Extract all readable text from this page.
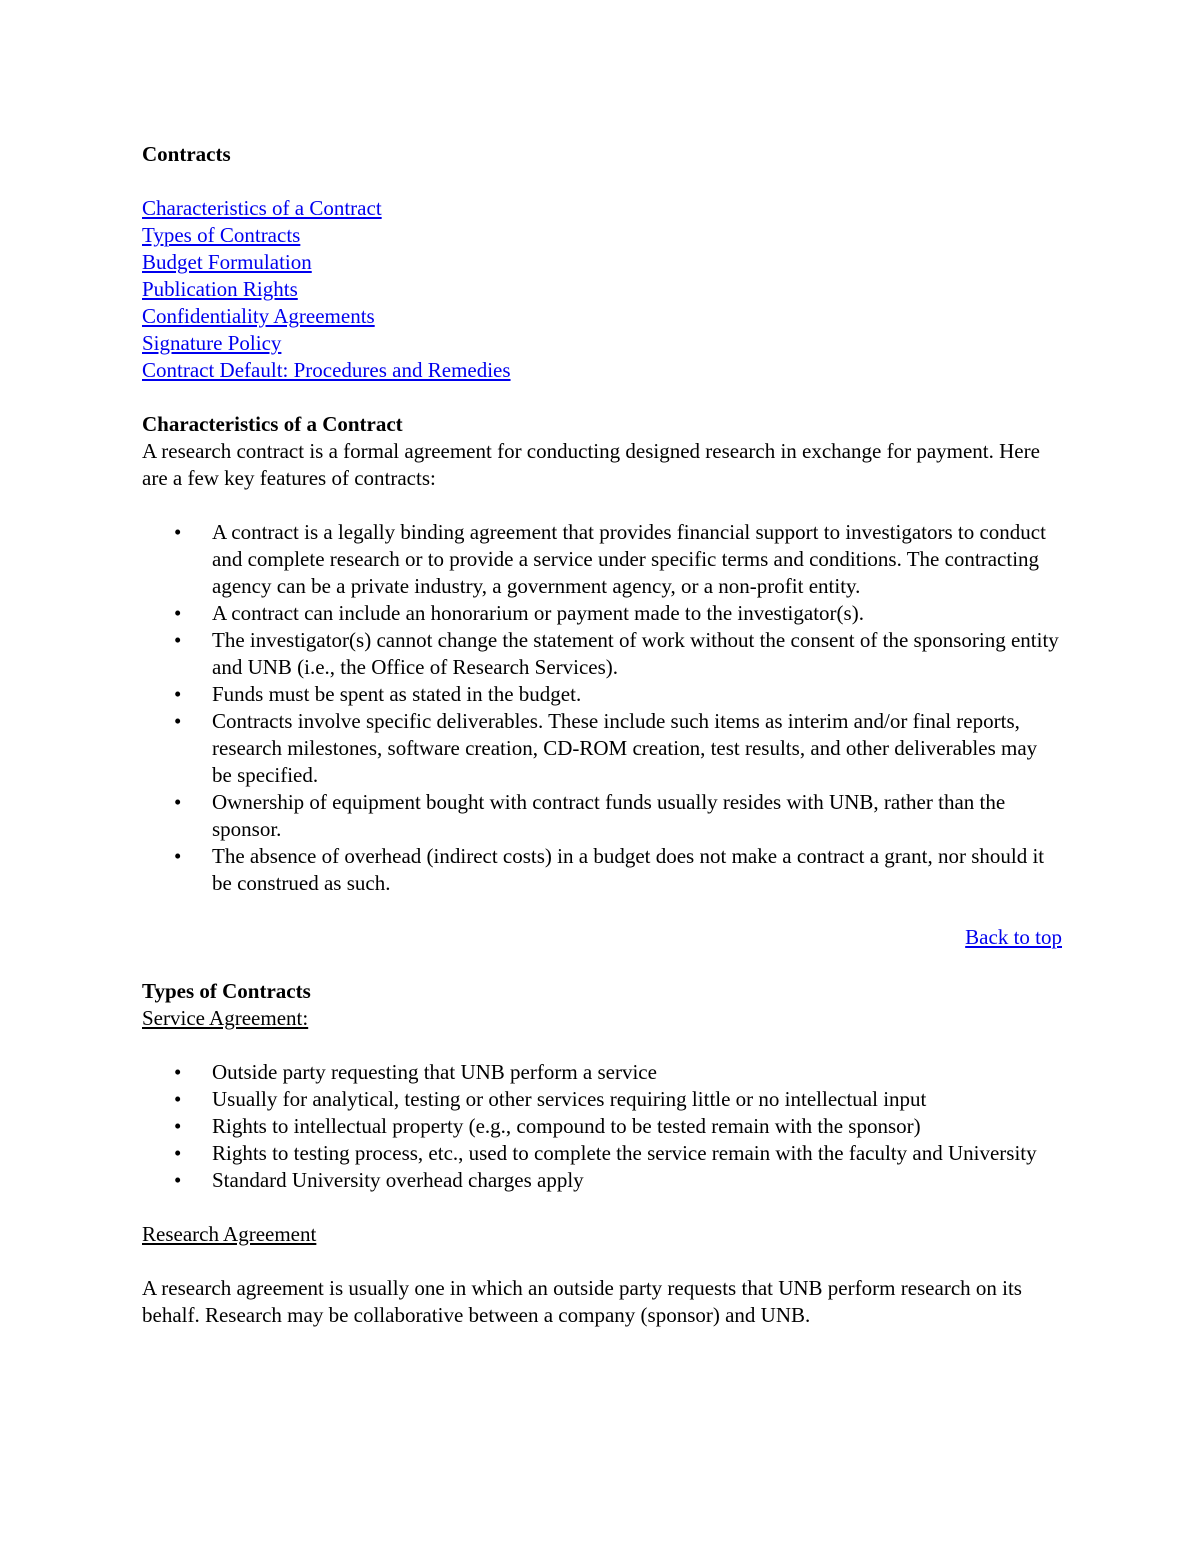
Contracts
Characteristics of a Contract
Types of Contracts
Budget Formulation
Publication Rights
Confidentiality Agreements
Signature Policy
Contract Default: Procedures and Remedies
Characteristics of a Contract

A research contract is a formal agreement for conducting designed research in exchange for payment. Here are a few key features of contracts:

• A contract is a legally binding agreement that provides financial support to investigators to conduct and complete research or to provide a service under specific terms and conditions. The contracting agency can be a private industry, a government agency, or a non-profit entity.
• A contract can include an honorarium or payment made to the investigator(s).
• The investigator(s) cannot change the statement of work without the consent of the sponsoring entity and UNB (i.e., the Office of Research Services).
• Funds must be spent as stated in the budget.
• Contracts involve specific deliverables. These include such items as interim and/or final reports, research milestones, software creation, CD-ROM creation, test results, and other deliverables may be specified.
• Ownership of equipment bought with contract funds usually resides with UNB, rather than the sponsor.
• The absence of overhead (indirect costs) in a budget does not make a contract a grant, nor should it be construed as such.
Back to top
Types of Contracts
Service Agreement:
• Outside party requesting that UNB perform a service
• Usually for analytical, testing or other services requiring little or no intellectual input
• Rights to intellectual property (e.g., compound to be tested remain with the sponsor)
• Rights to testing process, etc., used to complete the service remain with the faculty and University
• Standard University overhead charges apply
Research Agreement

A research agreement is usually one in which an outside party requests that UNB perform research on its behalf. Research may be collaborative between a company (sponsor) and UNB.
